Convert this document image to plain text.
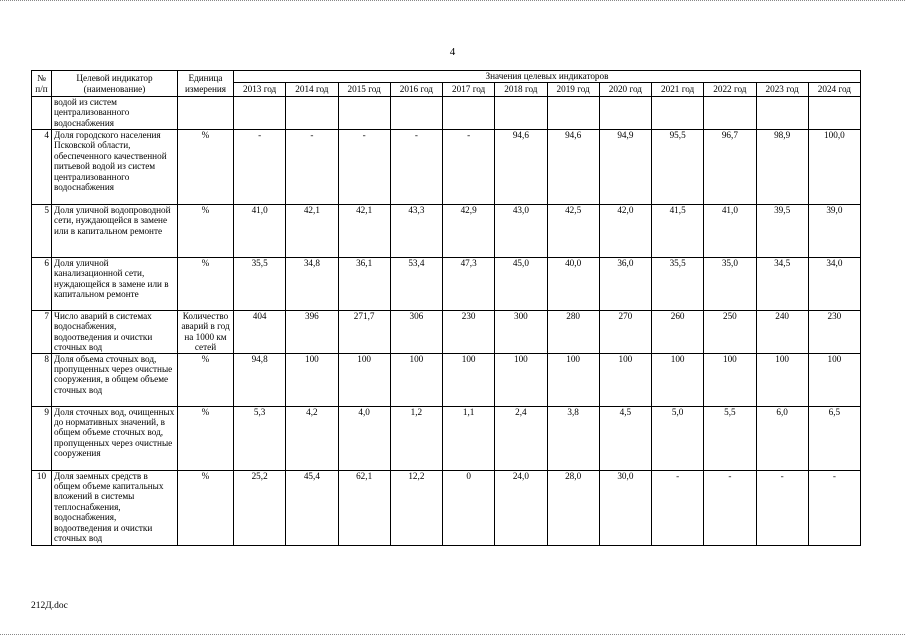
4
№ п/п	Целевой индикатор (наименование)	Единица измерения	Значения целевых индикаторов											
			2013 год	2014 год	2015 год	2016 год	2017 год	2018 год	2019 год	2020 год	2021 год	2022 год	2023 год	2024 год
	водой из систем централизованного водоснабжения													
4	Доля городского населения Псковской области, обеспеченного качественной питьевой водой из систем централизованного водоснабжения	%	-	-	-	-	-	94,6	94,6	94,9	95,5	96,7	98,9	100,0
5	Доля уличной водопроводной сети, нуждающейся в замене или в капитальном ремонте	%	41,0	42,1	42,1	43,3	42,9	43,0	42,5	42,0	41,5	41,0	39,5	39,0
6	Доля уличной канализационной сети, нуждающейся в замене или в капитальном ремонте	%	35,5	34,8	36,1	53,4	47,3	45,0	40,0	36,0	35,5	35,0	34,5	34,0
7	Число аварий в системах водоснабжения, водоотведения и очистки сточных вод	Количество аварий в год на 1000 км сетей	404	396	271,7	306	230	300	280	270	260	250	240	230
8	Доля объема сточных вод, пропущенных через очистные сооружения, в общем объеме сточных вод	%	94,8	100	100	100	100	100	100	100	100	100	100	100
9	Доля сточных вод, очищенных до нормативных значений, в общем объеме сточных вод, пропущенных через очистные сооружения	%	5,3	4,2	4,0	1,2	1,1	2,4	3,8	4,5	5,0	5,5	6,0	6,5
10	Доля заемных средств в общем объеме капитальных вложений в системы теплоснабжения, водоснабжения, водоотведения и очистки сточных вод	%	25,2	45,4	62,1	12,2	0	24,0	28,0	30,0	-	-	-	-
212Д.doc
